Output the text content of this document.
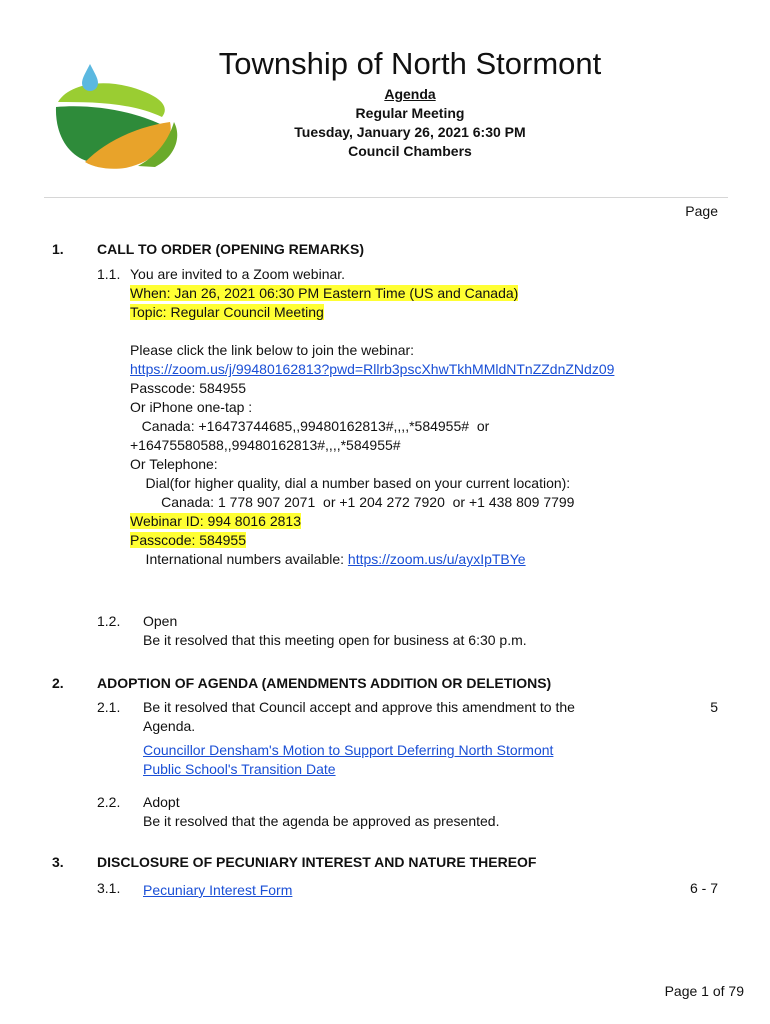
Township of North Stormont
Agenda
Regular Meeting
Tuesday, January 26, 2021 6:30 PM
Council Chambers
Page
1. CALL TO ORDER (OPENING REMARKS)
1.1. You are invited to a Zoom webinar.
When: Jan 26, 2021 06:30 PM Eastern Time (US and Canada)
Topic: Regular Council Meeting
Please click the link below to join the webinar:
https://zoom.us/j/99480162813?pwd=Rllrb3pscXhwTkhMMldNTnZZdnZNdz09
Passcode: 584955
Or iPhone one-tap :
Canada: +16473744685,,99480162813#,,,,*584955#  or
+16475580588,,99480162813#,,,,*584955#
Or Telephone:
Dial(for higher quality, dial a number based on your current location):
Canada: 1 778 907 2071  or +1 204 272 7920  or +1 438 809 7799
Webinar ID: 994 8016 2813
Passcode: 584955
International numbers available: https://zoom.us/u/ayxIpTBYe
1.2. Open
Be it resolved that this meeting open for business at 6:30 p.m.
2. ADOPTION OF AGENDA (AMENDMENTS ADDITION OR DELETIONS)
2.1. Be it resolved that Council accept and approve this amendment to the
Agenda.
Councillor Densham's Motion to Support Deferring North Stormont
Public School's Transition Date
5
2.2. Adopt
Be it resolved that the agenda be approved as presented.
3. DISCLOSURE OF PECUNIARY INTEREST AND NATURE THEREOF
3.1. Pecuniary Interest Form	6 - 7
Page 1 of 79
